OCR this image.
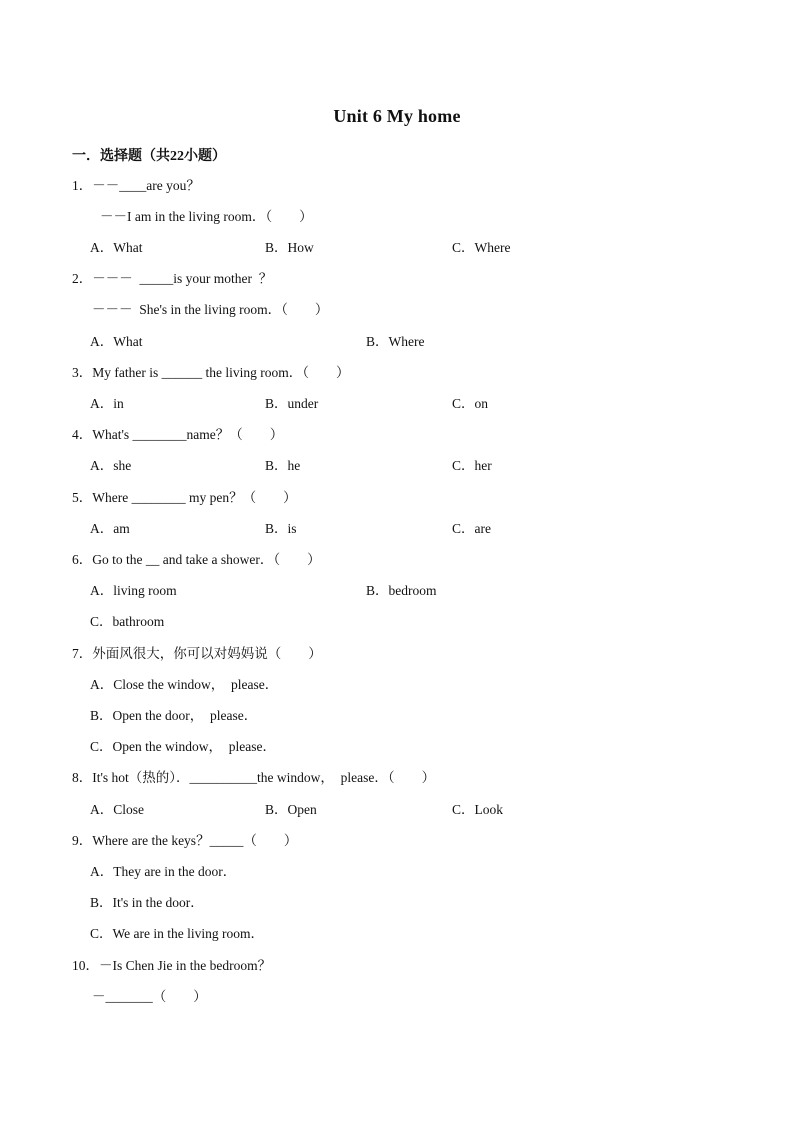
Unit 6 My home
一．选择题（共22小题）
1．－－____are you？
－－I am in the living room．（　　）
A．What	B．How	C．Where
2．－－－  _____is your mother  ？
－－－  She's in the living room．（　　）
A．What	B．Where
3．My father is ______ the living room．（　　）
A．in	B．under	C．on
4．What's ________name？（　　）
A．she	B．he	C．her
5．Where ________ my pen？（　　）
A．am	B．is	C．are
6．Go to the __ and take a shower．（　　）
A．living room	B．bedroom
C．bathroom
7．外面风很大，你可以对妈妈说（　　）
A．Close the window，  please．
B．Open the door，  please．
C．Open the window，  please．
8．It's hot（热的）．__________the window，  please．（　　）
A．Close	B．Open	C．Look
9．Where are the keys？_____（　　）
A．They are in the door．
B．It's in the door．
C．We are in the living room．
10．－Is Chen Jie in the bedroom？
－_______（　　）
